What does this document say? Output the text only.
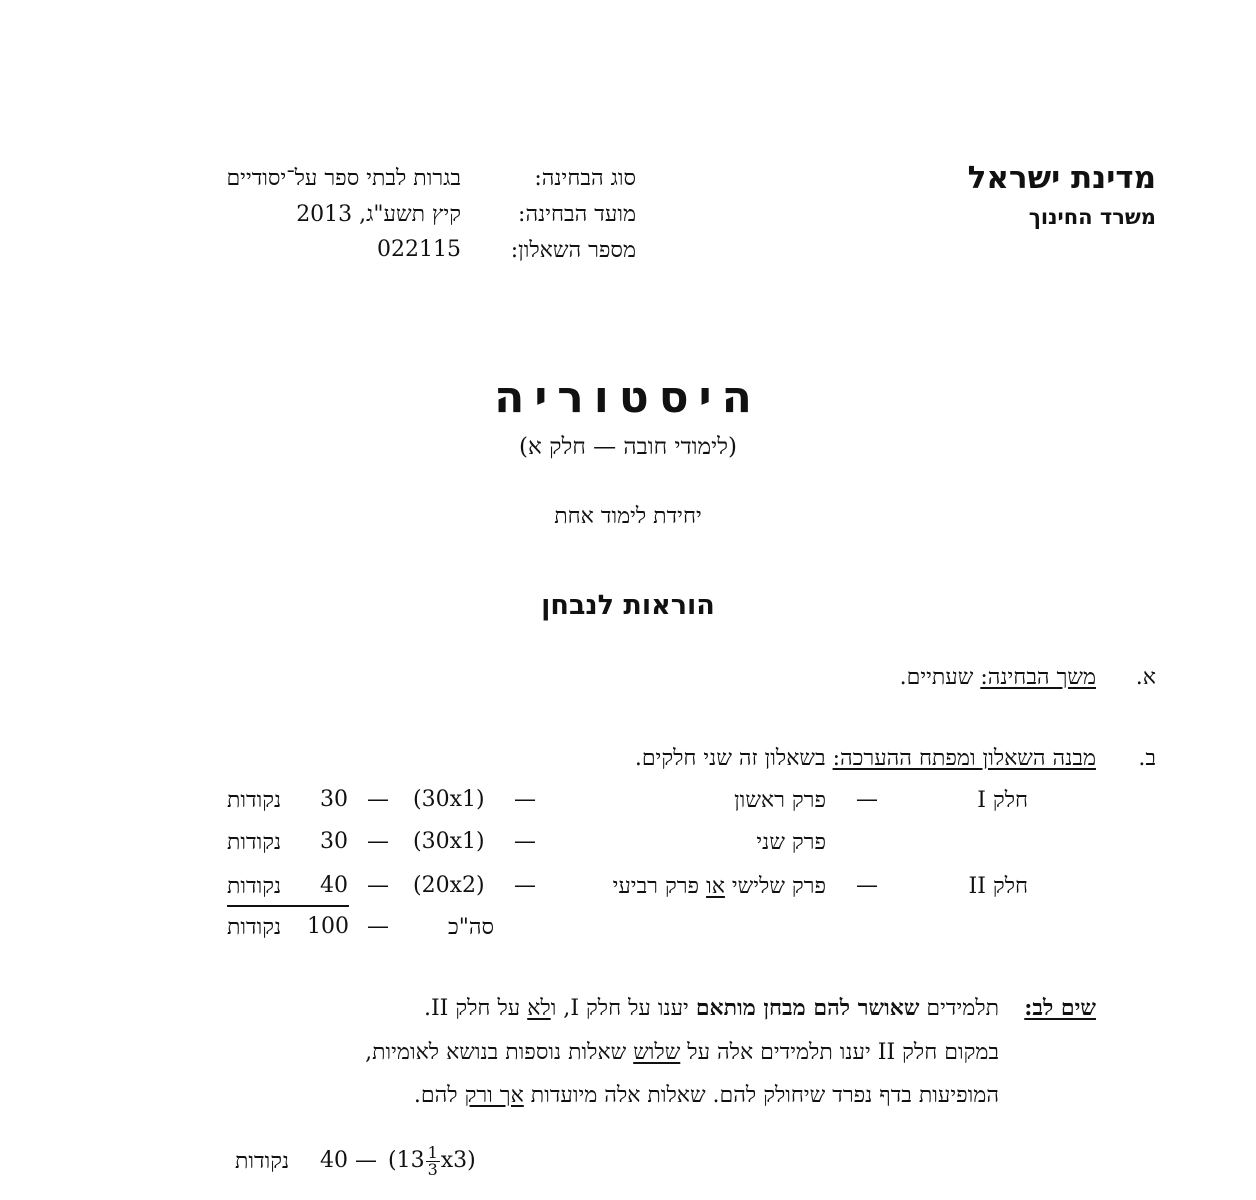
מדינת ישראל
משרד החינוך
סוג הבחינה:
בגרות לבתי ספר על־יסודיים
מועד הבחינה:
קיץ תשע"ג, 2013
מספר השאלון:
022115
היסטוריה
(לימודי חובה — חלק א)
יחידת לימוד אחת
הוראות לנבחן
א.
משך הבחינה: שעתיים.
ב.
מבנה השאלון ומפתח ההערכה: בשאלון זה שני חלקים.
חלק I
—
פרק ראשון
—
(30x1)
—
30
נקודות
פרק שני
—
(30x1)
—
30
נקודות
חלק II
—
פרק שלישי או פרק רביעי
—
(20x2)
—
40
נקודות
סה"כ
—
100
נקודות
שים לב:
תלמידים שאושר להם מבחן מותאם יענו על חלק I, ולא על חלק II.
במקום חלק II יענו תלמידים אלה על שלוש שאלות נוספות בנושא לאומיות,
המופיעות בדף נפרד שיחולק להם. שאלות אלה מיועדות אך ורק להם.
$(13 \frac{1}{3} x3)$
—
40
נקודות
